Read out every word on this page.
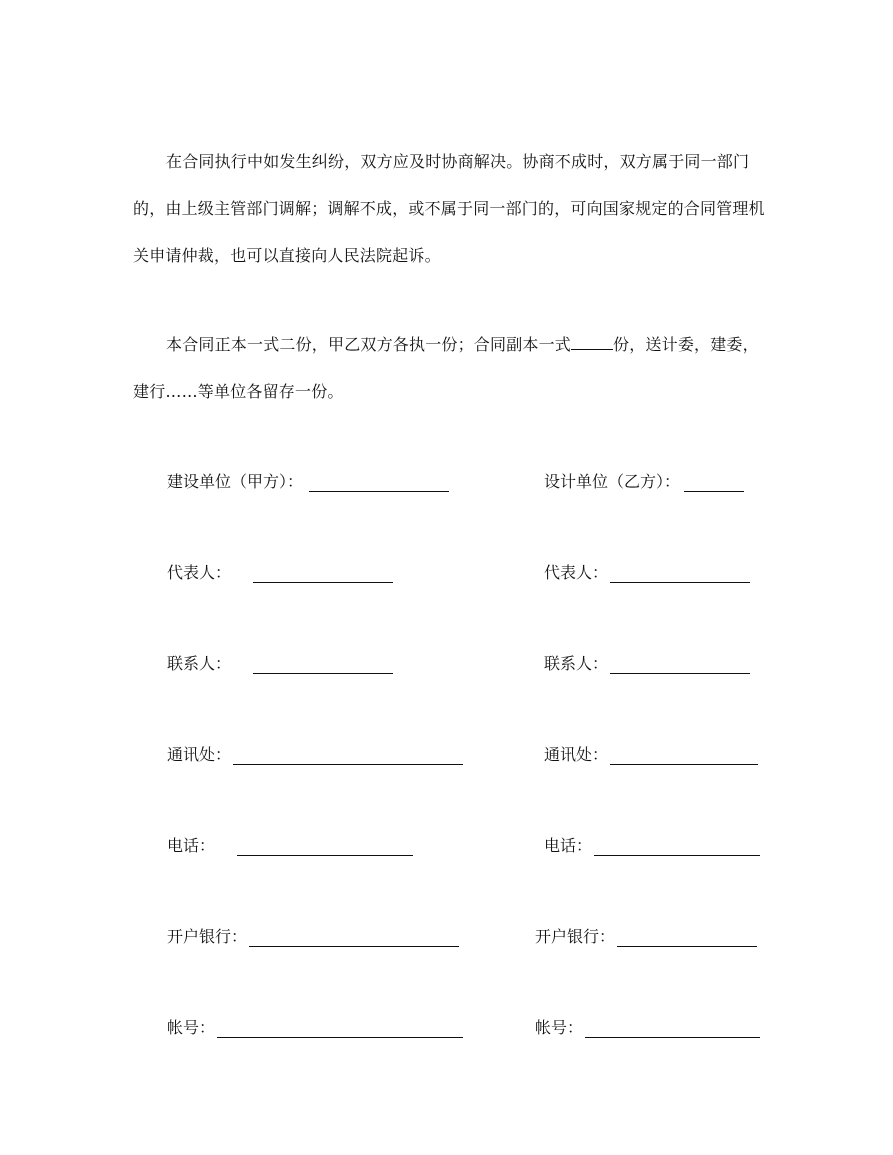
在合同执行中如发生纠纷，双方应及时协商解决。协商不成时，双方属于同一部门的，由上级主管部门调解；调解不成，或不属于同一部门的，可向国家规定的合同管理机关申请仲裁，也可以直接向人民法院起诉。

本合同正本一式二份，甲乙双方各执一份；合同副本一式	份，送计委，建委，建行……等单位各留存一份。

建设单位（甲方）：
代表人：
联系人：
通讯处：
电话：
开户银行：
帐号：
设计单位（乙方）：
代表人：
联系人：
通讯处：
电话：
开户银行：
帐号：
